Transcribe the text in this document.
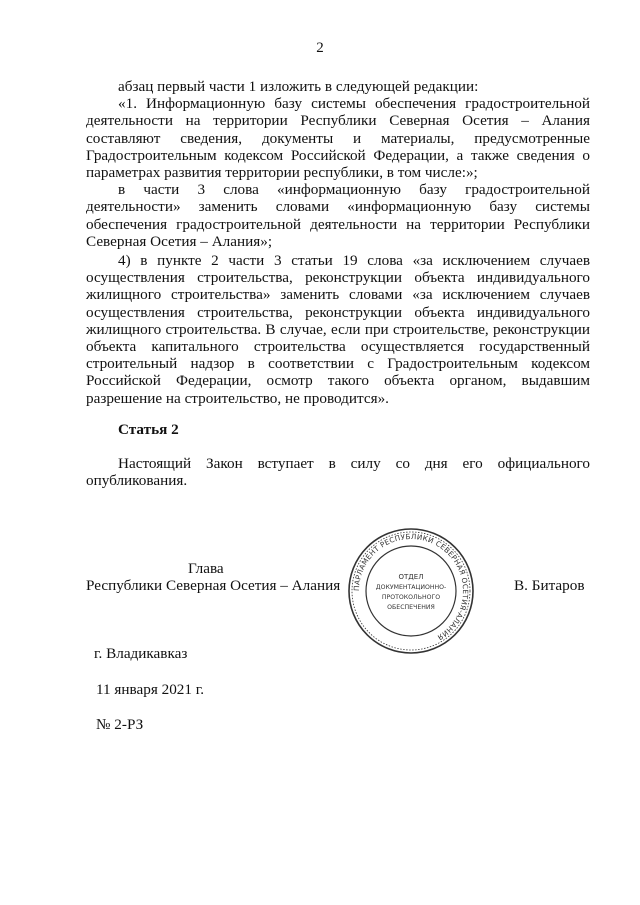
2

абзац первый части 1 изложить в следующей редакции:

«1. Информационную базу системы обеспечения градостроительной деятельности на территории Республики Северная Осетия – Алания составляют сведения, документы и материалы, предусмотренные Градостроительным кодексом Российской Федерации, а также сведения о параметрах развития территории республики, в том числе:»;

в части 3 слова «информационную базу градостроительной деятельности» заменить словами «информационную базу системы обеспечения градостроительной деятельности на территории Республики Северная Осетия – Алания»;

4) в пункте 2 части 3 статьи 19 слова «за исключением случаев осуществления строительства, реконструкции объекта индивидуального жилищного строительства» заменить словами «за исключением случаев осуществления строительства, реконструкции объекта индивидуального жилищного строительства. В случае, если при строительстве, реконструкции объекта капитального строительства осуществляется государственный строительный надзор в соответствии с Градостроительным кодексом Российской Федерации, осмотр такого объекта органом, выдавшим разрешение на строительство, не проводится».

Статья 2

Настоящий Закон вступает в силу со дня его официального опубликования.

Глава
Республики Северная Осетия – Алания	В. Битаров
ПАРЛАМЕНТ РЕСПУБЛИКИ СЕВЕРНАЯ ОСЕТИЯ-АЛАНИЯ
ОТДЕЛ
ДОКУМЕНТАЦИОННО-
ПРОТОКОЛЬНОГО
ОБЕСПЕЧЕНИЯ
г. Владикавказ
11 января 2021 г.
№ 2-РЗ
